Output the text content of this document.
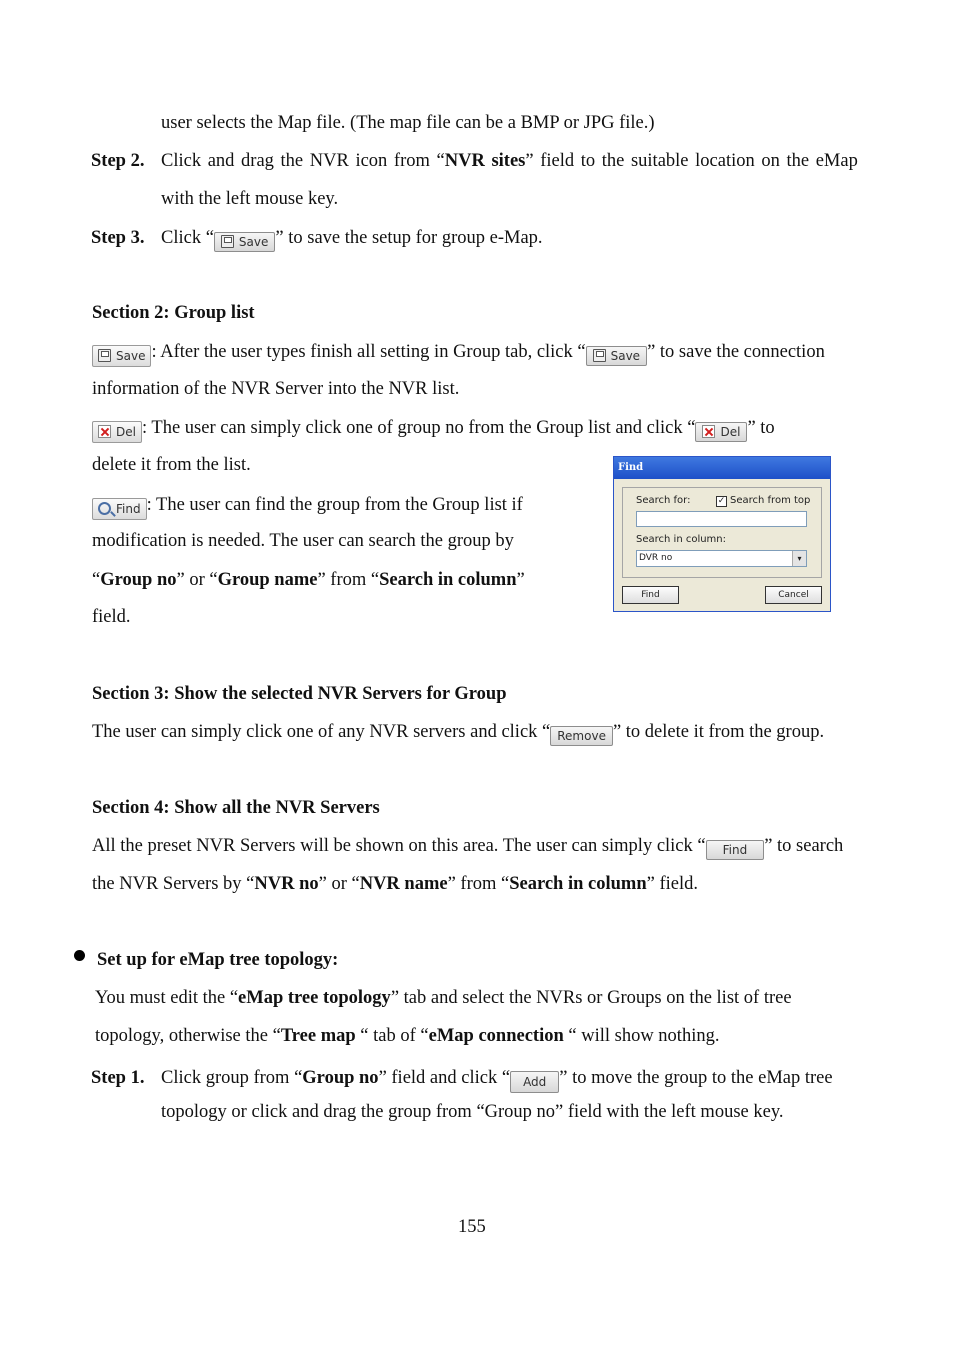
user selects the Map file. (The map file can be a BMP or JPG file.)
Step 2. Click and drag the NVR icon from “NVR sites” field to the suitable location on the eMap
with the left mouse key.
Step 3. Click “ Save ” to save the setup for group e-Map.
Section 2: Group list
Save : After the user types finish all setting in Group tab, click “ Save ” to save the connection
information of the NVR Server into the NVR list.
Del : The user can simply click one of group no from the Group list and click “ Del ” to
delete it from the list.
Find : The user can find the group from the Group list if
modification is needed. The user can search the group by
“Group no” or “Group name” from “Search in column”
field.
Find
Search for:	✓ Search from top
Search in column:
DVR no	▾
Find	Cancel
Section 3: Show the selected NVR Servers for Group
The user can simply click one of any NVR servers and click “ Remove ” to delete it from the group.
Section 4: Show all the NVR Servers
All the preset NVR Servers will be shown on this area. The user can simply click “ Find ” to search
the NVR Servers by “NVR no” or “NVR name” from “Search in column” field.
Set up for eMap tree topology:
You must edit the “eMap tree topology” tab and select the NVRs or Groups on the list of tree
topology, otherwise the “Tree map “ tab of “eMap connection “ will show nothing.
Step 1. Click group from “Group no” field and click “ Add ” to move the group to the eMap tree
topology or click and drag the group from “Group no” field with the left mouse key.
155
